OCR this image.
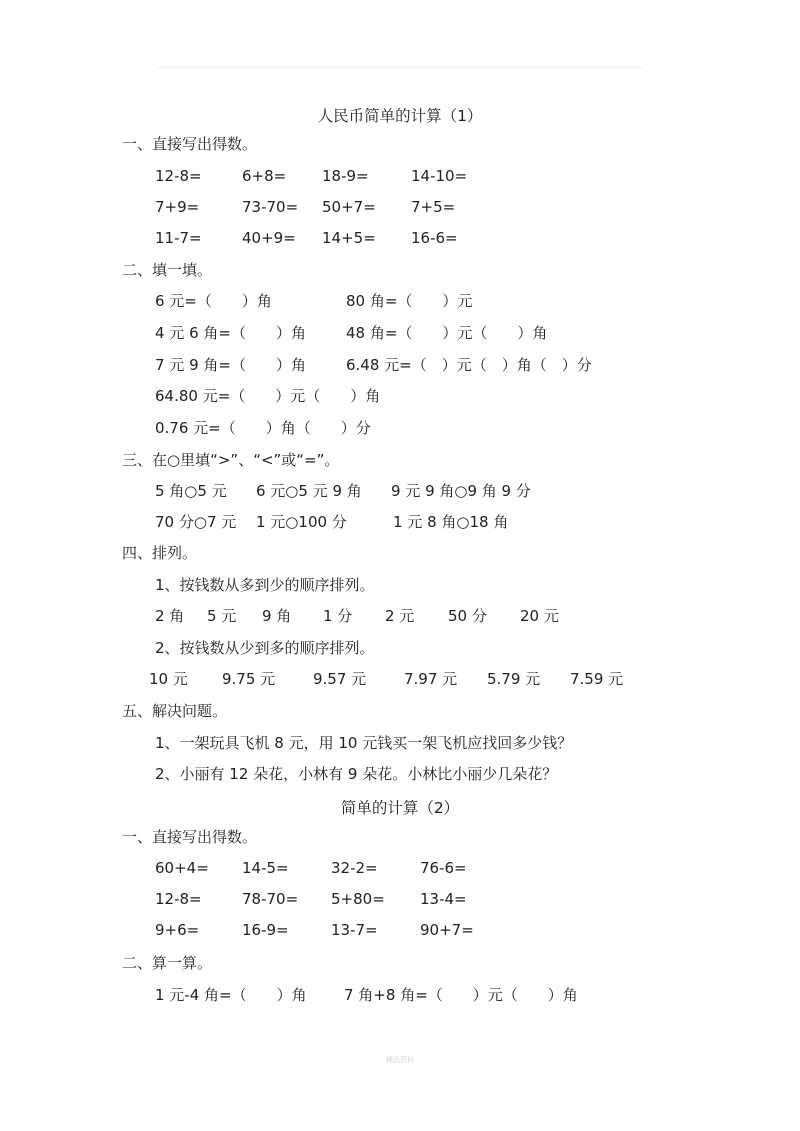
人民币简单的计算（1）
一、直接写出得数。
12-8=	6+8= 18-9=	14-10=
7+9=	73-70= 50+7= 7+5=
11-7=	40+9= 14+5= 16-6=
二、填一填。
6 元=（　　）角	80 角=（　　）元
4 元 6 角=（　　）角	48 角=（　　）元（　　）角
7 元 9 角=（　　）角	6.48 元=（　）元（　）角（　）分
64.80 元=（　　）元（　　）角
0.76 元=（　　）角（　　）分
三、在○里填“>”、“<”或“=”。
5 角○5 元 6 元○5 元 9 角 9 元 9 角○9 角 9 分
70 分○7 元 1 元○100 分	1 元 8 角○18 角
四、排列。
1、按钱数从多到少的顺序排列。
2 角 5 元 9 角 1 分 2 元 50 分 20 元
2、按钱数从少到多的顺序排列。
10 元 9.75 元	9.57 元	7.97 元 5.79 元 7.59 元
五、解决问题。
1、一架玩具飞机 8 元，用 10 元钱买一架飞机应找回多少钱？
2、小丽有 12 朵花，小林有 9 朵花。小林比小丽少几朵花？
简单的计算（2）
一、直接写出得数。
60+4= 14-5=	32-2=	76-6=
12-8=	78-70= 5+80= 13-4=
9+6=	16-9=	13-7=	90+7=
二、算一算。
1 元-4 角=（　　）角 7 角+8 角=（　　）元（　　）角
精品资料
